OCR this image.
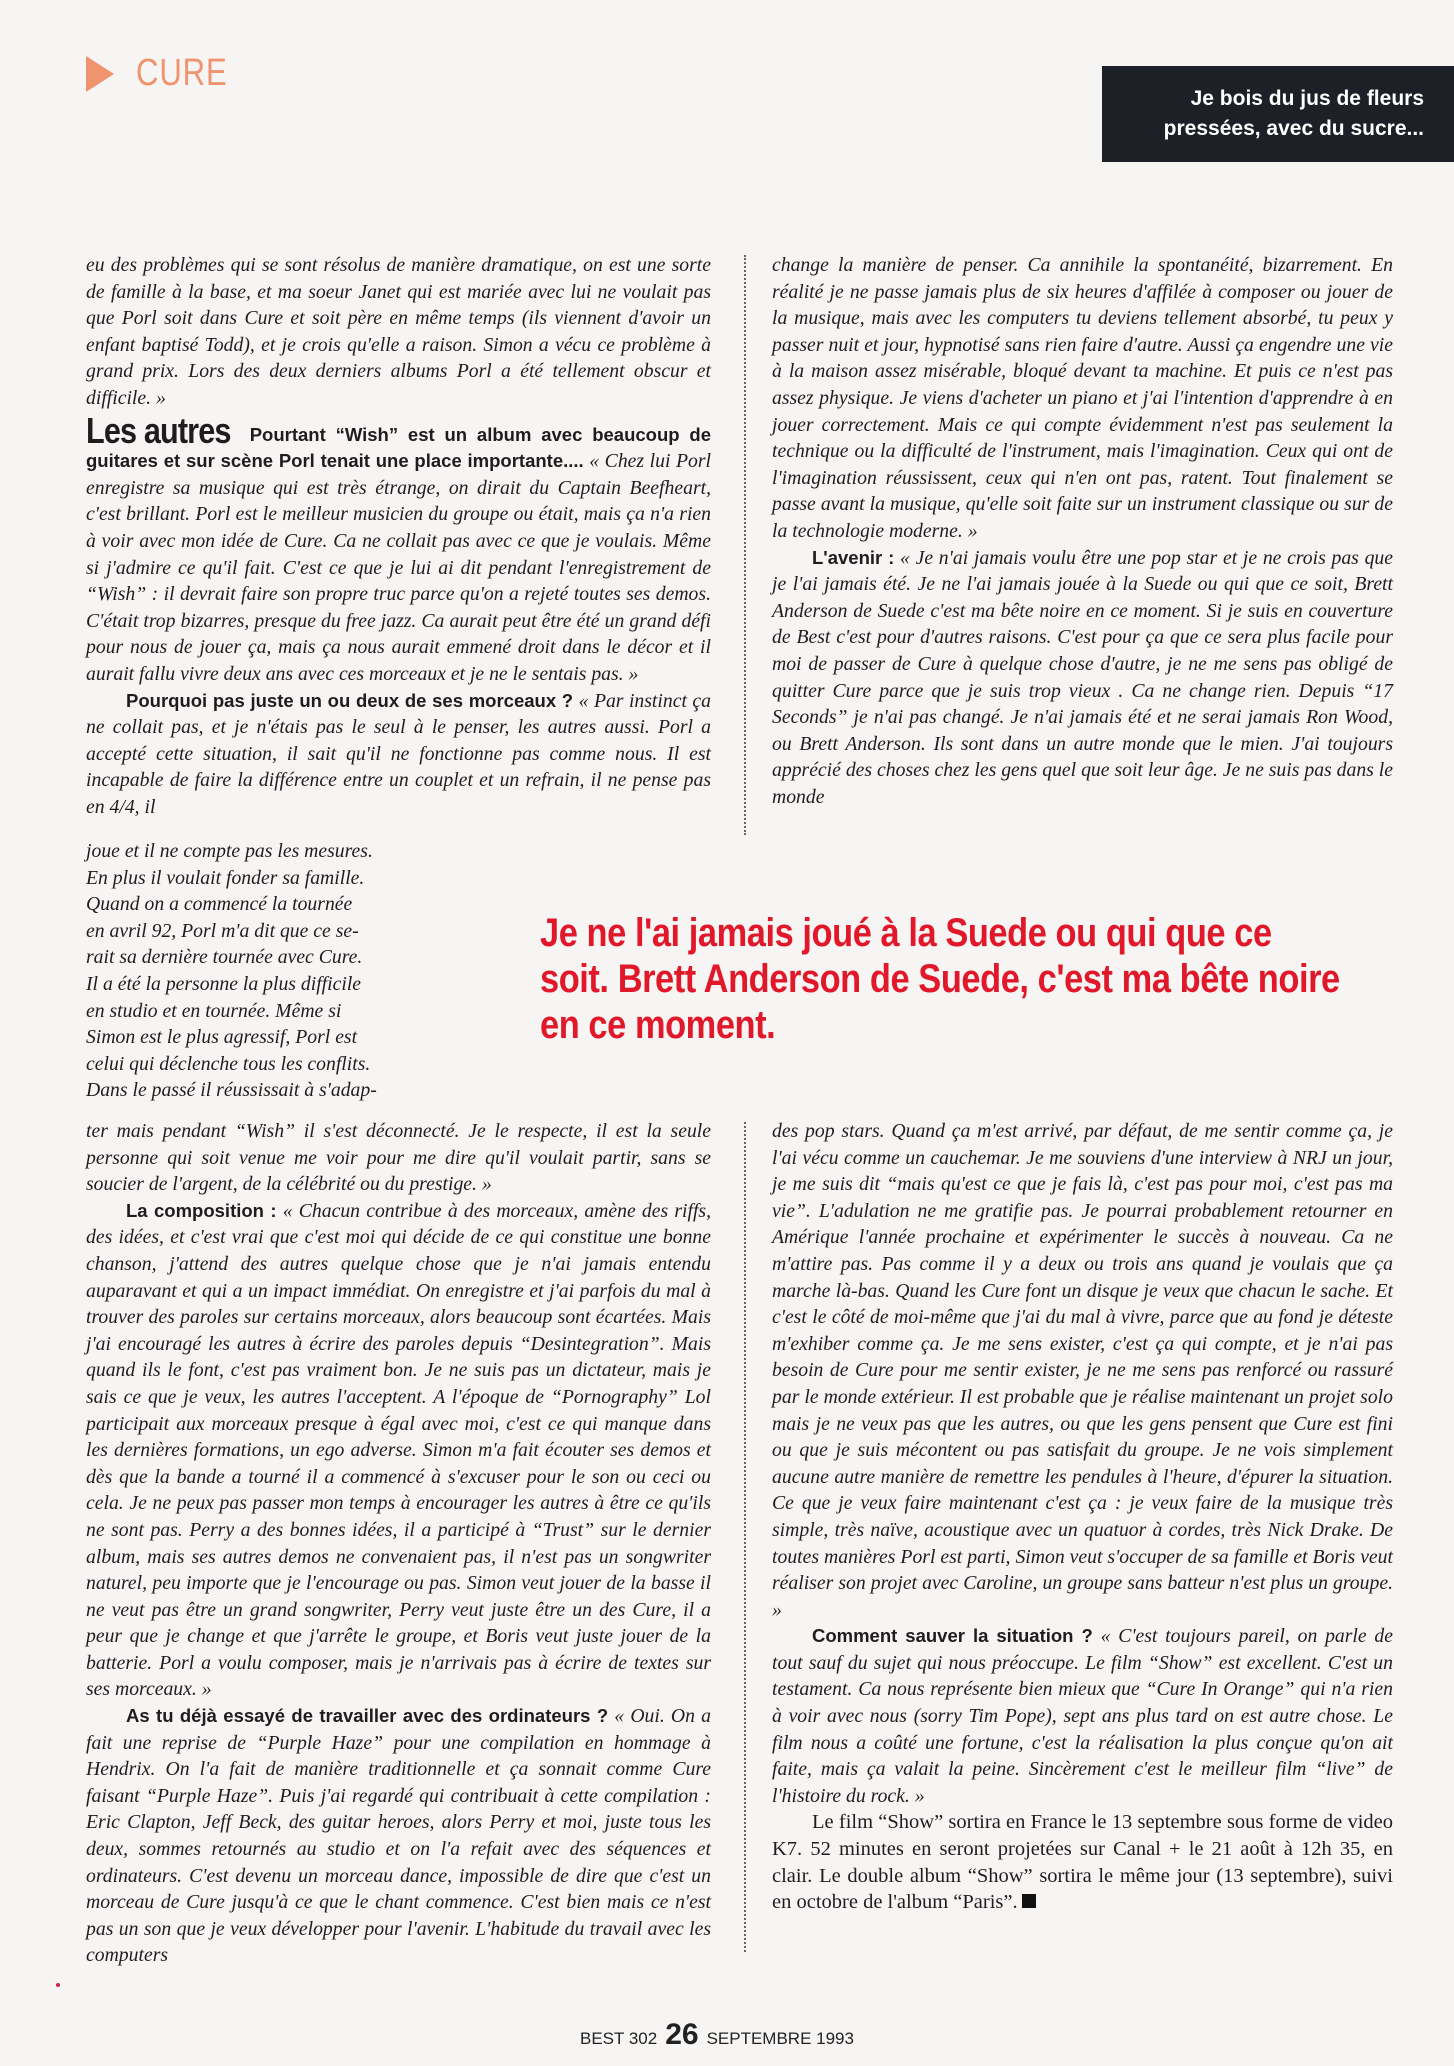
CURE
Je bois du jus de fleurs
pressées, avec du sucre...

eu des problèmes qui se sont résolus de manière dramatique, on est une sorte de famille à la base, et ma soeur Janet qui est mariée avec lui ne voulait pas que Porl soit dans Cure et soit père en même temps (ils viennent d'avoir un enfant baptisé Todd), et je crois qu'elle a raison. Simon a vécu ce problème à grand prix. Lors des deux derniers albums Porl a été tellement obscur et difficile. »

Les autres Pourtant “Wish” est un album avec beaucoup de guitares et sur scène Porl tenait une place importante.... « Chez lui Porl enregistre sa musique qui est très étrange, on dirait du Captain Beefheart, c'est brillant. Porl est le meilleur musicien du groupe ou était, mais ça n'a rien à voir avec mon idée de Cure. Ca ne collait pas avec ce que je voulais. Même si j'admire ce qu'il fait. C'est ce que je lui ai dit pendant l'enregistrement de “Wish” : il devrait faire son propre truc parce qu'on a rejeté toutes ses demos. C'était trop bizarres, presque du free jazz. Ca aurait peut être été un grand défi pour nous de jouer ça, mais ça nous aurait emmené droit dans le décor et il aurait fallu vivre deux ans avec ces morceaux et je ne le sentais pas. »

Pourquoi pas juste un ou deux de ses morceaux ? « Par instinct ça ne collait pas, et je n'étais pas le seul à le penser, les autres aussi. Porl a accepté cette situation, il sait qu'il ne fonctionne pas comme nous. Il est incapable de faire la différence entre un couplet et un refrain, il ne pense pas en 4/4, il

joue et il ne compte pas les mesures.
En plus il voulait fonder sa famille.
Quand on a commencé la tournée
en avril 92, Porl m'a dit que ce se-
rait sa dernière tournée avec Cure.
Il a été la personne la plus difficile
en studio et en tournée. Même si
Simon est le plus agressif, Porl est
celui qui déclenche tous les conflits.
Dans le passé il réussissait à s'adap-

ter mais pendant “Wish” il s'est déconnecté. Je le respecte, il est la seule personne qui soit venue me voir pour me dire qu'il voulait partir, sans se soucier de l'argent, de la célébrité ou du prestige. »

La composition : « Chacun contribue à des morceaux, amène des riffs, des idées, et c'est vrai que c'est moi qui décide de ce qui constitue une bonne chanson, j'attend des autres quelque chose que je n'ai jamais entendu auparavant et qui a un impact immédiat. On enregistre et j'ai parfois du mal à trouver des paroles sur certains morceaux, alors beaucoup sont écartées. Mais j'ai encouragé les autres à écrire des paroles depuis “Desintegration”. Mais quand ils le font, c'est pas vraiment bon. Je ne suis pas un dictateur, mais je sais ce que je veux, les autres l'acceptent. A l'époque de “Pornography” Lol participait aux morceaux presque à égal avec moi, c'est ce qui manque dans les dernières formations, un ego adverse. Simon m'a fait écouter ses demos et dès que la bande a tourné il a commencé à s'excuser pour le son ou ceci ou cela. Je ne peux pas passer mon temps à encourager les autres à être ce qu'ils ne sont pas. Perry a des bonnes idées, il a participé à “Trust” sur le dernier album, mais ses autres demos ne convenaient pas, il n'est pas un songwriter naturel, peu importe que je l'encourage ou pas. Simon veut jouer de la basse il ne veut pas être un grand songwriter, Perry veut juste être un des Cure, il a peur que je change et que j'arrête le groupe, et Boris veut juste jouer de la batterie. Porl a voulu composer, mais je n'arrivais pas à écrire de textes sur ses morceaux. »

As tu déjà essayé de travailler avec des ordinateurs ? « Oui. On a fait une reprise de “Purple Haze” pour une compilation en hommage à Hendrix. On l'a fait de manière traditionnelle et ça sonnait comme Cure faisant “Purple Haze”. Puis j'ai regardé qui contribuait à cette compilation : Eric Clapton, Jeff Beck, des guitar heroes, alors Perry et moi, juste tous les deux, sommes retournés au studio et on l'a refait avec des séquences et ordinateurs. C'est devenu un morceau dance, impossible de dire que c'est un morceau de Cure jusqu'à ce que le chant commence. C'est bien mais ce n'est pas un son que je veux développer pour l'avenir. L'habitude du travail avec les computers

change la manière de penser. Ca annihile la spontanéité, bizarrement. En réalité je ne passe jamais plus de six heures d'affilée à composer ou jouer de la musique, mais avec les computers tu deviens tellement absorbé, tu peux y passer nuit et jour, hypnotisé sans rien faire d'autre. Aussi ça engendre une vie à la maison assez misérable, bloqué devant ta machine. Et puis ce n'est pas assez physique. Je viens d'acheter un piano et j'ai l'intention d'apprendre à en jouer correctement. Mais ce qui compte évidemment n'est pas seulement la technique ou la difficulté de l'instrument, mais l'imagination. Ceux qui ont de l'imagination réussissent, ceux qui n'en ont pas, ratent. Tout finalement se passe avant la musique, qu'elle soit faite sur un instrument classique ou sur de la technologie moderne. »

L'avenir : « Je n'ai jamais voulu être une pop star et je ne crois pas que je l'ai jamais été. Je ne l'ai jamais jouée à la Suede ou qui que ce soit, Brett Anderson de Suede c'est ma bête noire en ce moment. Si je suis en couverture de Best c'est pour d'autres raisons. C'est pour ça que ce sera plus facile pour moi de passer de Cure à quelque chose d'autre, je ne me sens pas obligé de quitter Cure parce que je suis trop vieux . Ca ne change rien. Depuis “17 Seconds” je n'ai pas changé. Je n'ai jamais été et ne serai jamais Ron Wood, ou Brett Anderson. Ils sont dans un autre monde que le mien. J'ai toujours apprécié des choses chez les gens quel que soit leur âge. Je ne suis pas dans le monde

Je ne l'ai jamais joué à la Suede ou qui que ce
soit. Brett Anderson de Suede, c'est ma bête noire
en ce moment.

des pop stars. Quand ça m'est arrivé, par défaut, de me sentir comme ça, je l'ai vécu comme un cauchemar. Je me souviens d'une interview à NRJ un jour, je me suis dit “mais qu'est ce que je fais là, c'est pas pour moi, c'est pas ma vie”. L'adulation ne me gratifie pas. Je pourrai probablement retourner en Amérique l'année prochaine et expérimenter le succès à nouveau. Ca ne m'attire pas. Pas comme il y a deux ou trois ans quand je voulais que ça marche là-bas. Quand les Cure font un disque je veux que chacun le sache. Et c'est le côté de moi-même que j'ai du mal à vivre, parce que au fond je déteste m'exhiber comme ça. Je me sens exister, c'est ça qui compte, et je n'ai pas besoin de Cure pour me sentir exister, je ne me sens pas renforcé ou rassuré par le monde extérieur. Il est probable que je réalise maintenant un projet solo mais je ne veux pas que les autres, ou que les gens pensent que Cure est fini ou que je suis mécontent ou pas satisfait du groupe. Je ne vois simplement aucune autre manière de remettre les pendules à l'heure, d'épurer la situation. Ce que je veux faire maintenant c'est ça : je veux faire de la musique très simple, très naïve, acoustique avec un quatuor à cordes, très Nick Drake. De toutes manières Porl est parti, Simon veut s'occuper de sa famille et Boris veut réaliser son projet avec Caroline, un groupe sans batteur n'est plus un groupe. »

Comment sauver la situation ? « C'est toujours pareil, on parle de tout sauf du sujet qui nous préoccupe. Le film “Show” est excellent. C'est un testament. Ca nous représente bien mieux que “Cure In Orange” qui n'a rien à voir avec nous (sorry Tim Pope), sept ans plus tard on est autre chose. Le film nous a coûté une fortune, c'est la réalisation la plus conçue qu'on ait faite, mais ça valait la peine. Sincèrement c'est le meilleur film “live” de l'histoire du rock. »

Le film “Show” sortira en France le 13 septembre sous forme de video K7. 52 minutes en seront projetées sur Canal + le 21 août à 12h 35, en clair. Le double album “Show” sortira le même jour (13 septembre), suivi en octobre de l'album “Paris”.

BEST 302 26 SEPTEMBRE 1993
